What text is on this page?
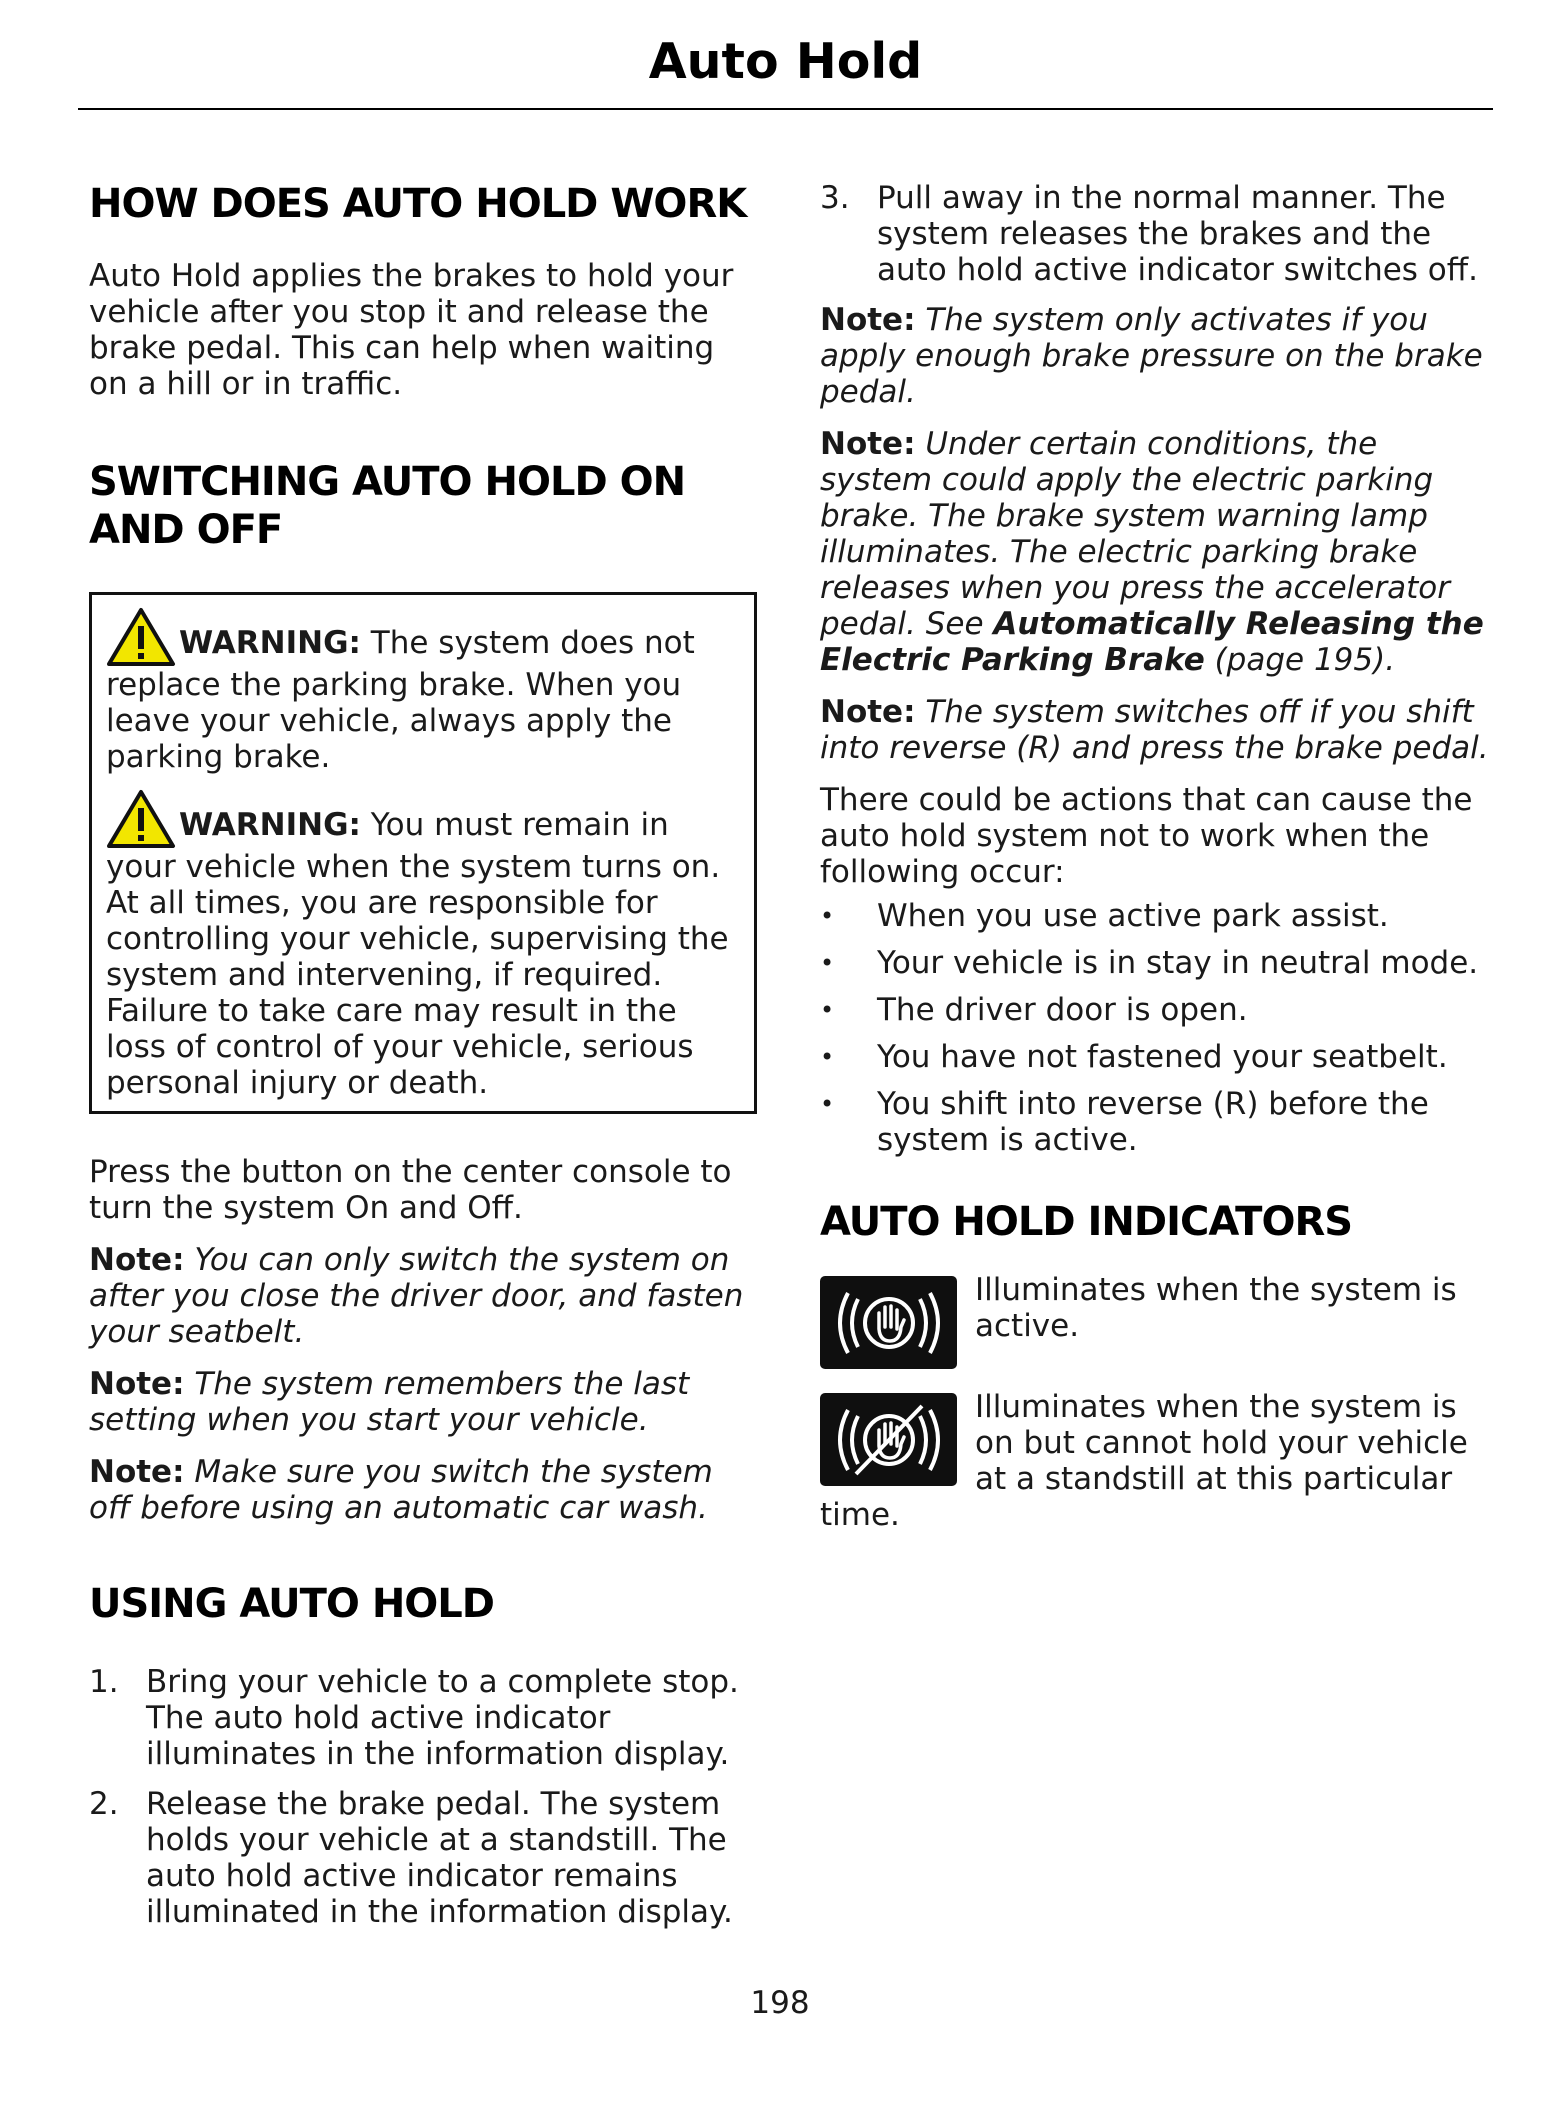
Auto Hold
HOW DOES AUTO HOLD WORK

Auto Hold applies the brakes to hold your vehicle after you stop it and release the brake pedal. This can help when waiting on a hill or in traffic.

SWITCHING AUTO HOLD ON AND OFF

WARNING: The system does not replace the parking brake. When you leave your vehicle, always apply the parking brake.

WARNING: You must remain in your vehicle when the system turns on. At all times, you are responsible for controlling your vehicle, supervising the system and intervening, if required. Failure to take care may result in the loss of control of your vehicle, serious personal injury or death.

Press the button on the center console to turn the system On and Off.

Note: You can only switch the system on after you close the driver door, and fasten your seatbelt.

Note: The system remembers the last setting when you start your vehicle.

Note: Make sure you switch the system off before using an automatic car wash.

USING AUTO HOLD
1. Bring your vehicle to a complete stop. The auto hold active indicator illuminates in the information display.
2. Release the brake pedal. The system holds your vehicle at a standstill. The auto hold active indicator remains illuminated in the information display.
3. Pull away in the normal manner. The system releases the brakes and the auto hold active indicator switches off.

Note: The system only activates if you apply enough brake pressure on the brake pedal.

Note: Under certain conditions, the system could apply the electric parking brake. The brake system warning lamp illuminates. The electric parking brake releases when you press the accelerator pedal. See Automatically Releasing the Electric Parking Brake (page 195).

Note: The system switches off if you shift into reverse (R) and press the brake pedal.

There could be actions that can cause the auto hold system not to work when the following occur:

• When you use active park assist.
• Your vehicle is in stay in neutral mode.
• The driver door is open.
• You have not fastened your seatbelt.
• You shift into reverse (R) before the system is active.
AUTO HOLD INDICATORS

Illuminates when the system is active.

Illuminates when the system is on but cannot hold your vehicle at a standstill at this particular time.

198
